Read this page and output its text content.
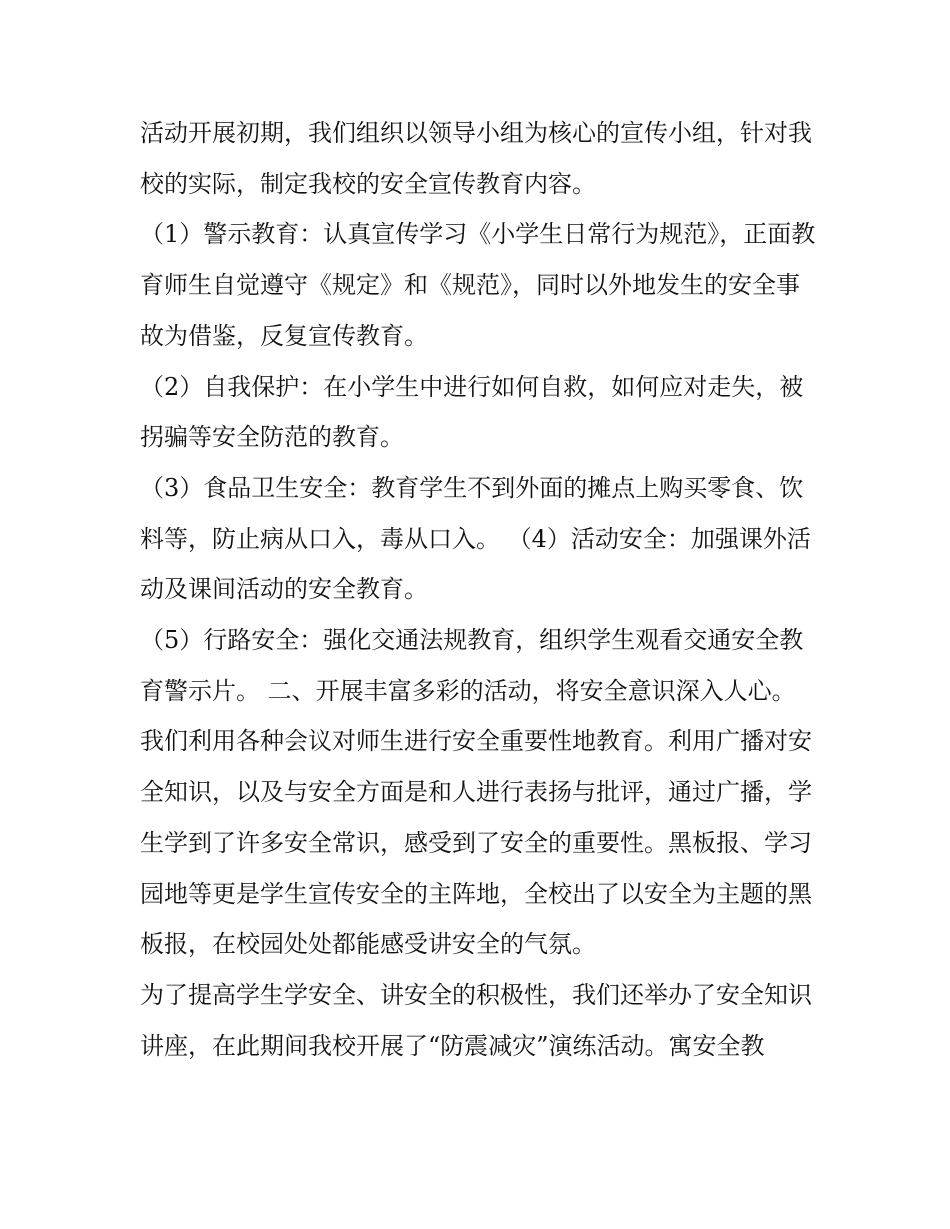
活动开展初期，我们组织以领导小组为核心的宣传小组，针对我校的实际，制定我校的安全宣传教育内容。

（1）警示教育：认真宣传学习《小学生日常行为规范》，正面教育师生自觉遵守《规定》和《规范》，同时以外地发生的安全事故为借鉴，反复宣传教育。

（2）自我保护：在小学生中进行如何自救，如何应对走失，被拐骗等安全防范的教育。

（3）食品卫生安全：教育学生不到外面的摊点上购买零食、饮料等，防止病从口入，毒从口入。 （4）活动安全：加强课外活动及课间活动的安全教育。

（5）行路安全：强化交通法规教育，组织学生观看交通安全教育警示片。 二、开展丰富多彩的活动，将安全意识深入人心。

我们利用各种会议对师生进行安全重要性地教育。利用广播对安全知识，以及与安全方面是和人进行表扬与批评，通过广播，学生学到了许多安全常识，感受到了安全的重要性。黑板报、学习园地等更是学生宣传安全的主阵地，全校出了以安全为主题的黑板报，在校园处处都能感受讲安全的气氛。

为了提高学生学安全、讲安全的积极性，我们还举办了安全知识讲座，在此期间我校开展了“防震减灾”演练活动。寓安全教
